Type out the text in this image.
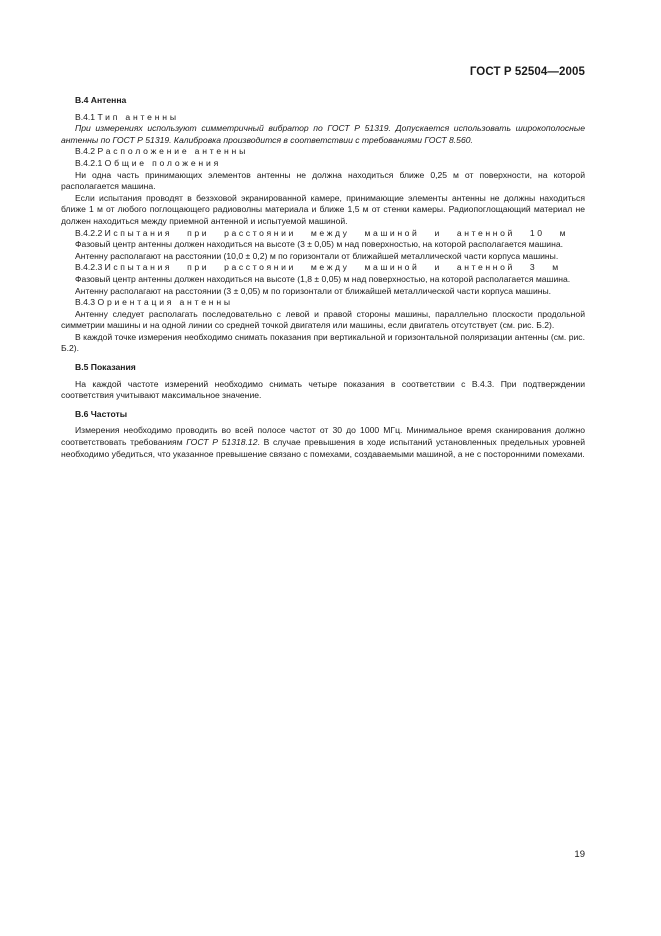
ГОСТ Р 52504—2005

В.4 Антенна

В.4.1 Тип антенны

При измерениях используют симметричный вибратор по ГОСТ Р 51319. Допускается использовать широкополосные антенны по ГОСТ Р 51319. Калибровка производится в соответствии с требованиями ГОСТ 8.560.

В.4.2 Расположение антенны

В.4.2.1 Общие положения

Ни одна часть принимающих элементов антенны не должна находиться ближе 0,25 м от поверхности, на которой располагается машина.

Если испытания проводят в безэховой экранированной камере, принимающие элементы антенны не должны находиться ближе 1 м от любого поглощающего радиоволны материала и ближе 1,5 м от стенки камеры. Радиопоглощающий материал не должен находиться между приемной антенной и испытуемой машиной.

В.4.2.2 Испытания при расстоянии между машиной и антенной 10 м

Фазовый центр антенны должен находиться на высоте (3 ± 0,05) м над поверхностью, на которой располагается машина.

Антенну располагают на расстоянии (10,0 ± 0,2) м по горизонтали от ближайшей металлической части корпуса машины.

В.4.2.3 Испытания при расстоянии между машиной и антенной 3 м

Фазовый центр антенны должен находиться на высоте (1,8 ± 0,05) м над поверхностью, на которой располагается машина.

Антенну располагают на расстоянии (3 ± 0,05) м по горизонтали от ближайшей металлической части корпуса машины.

В.4.3 Ориентация антенны

Антенну следует располагать последовательно с левой и правой стороны машины, параллельно плоскости продольной симметрии машины и на одной линии со средней точкой двигателя или машины, если двигатель отсутствует (см. рис. Б.2).

В каждой точке измерения необходимо снимать показания при вертикальной и горизонтальной поляризации антенны (см. рис. Б.2).

В.5 Показания

На каждой частоте измерений необходимо снимать четыре показания в соответствии с В.4.3. При подтверждении соответствия учитывают максимальное значение.

В.6 Частоты

Измерения необходимо проводить во всей полосе частот от 30 до 1000 МГц. Минимальное время сканирования должно соответствовать требованиям ГОСТ Р 51318.12. В случае превышения в ходе испытаний установленных предельных уровней необходимо убедиться, что указанное превышение связано с помехами, создаваемыми машиной, а не с посторонними помехами.

19
